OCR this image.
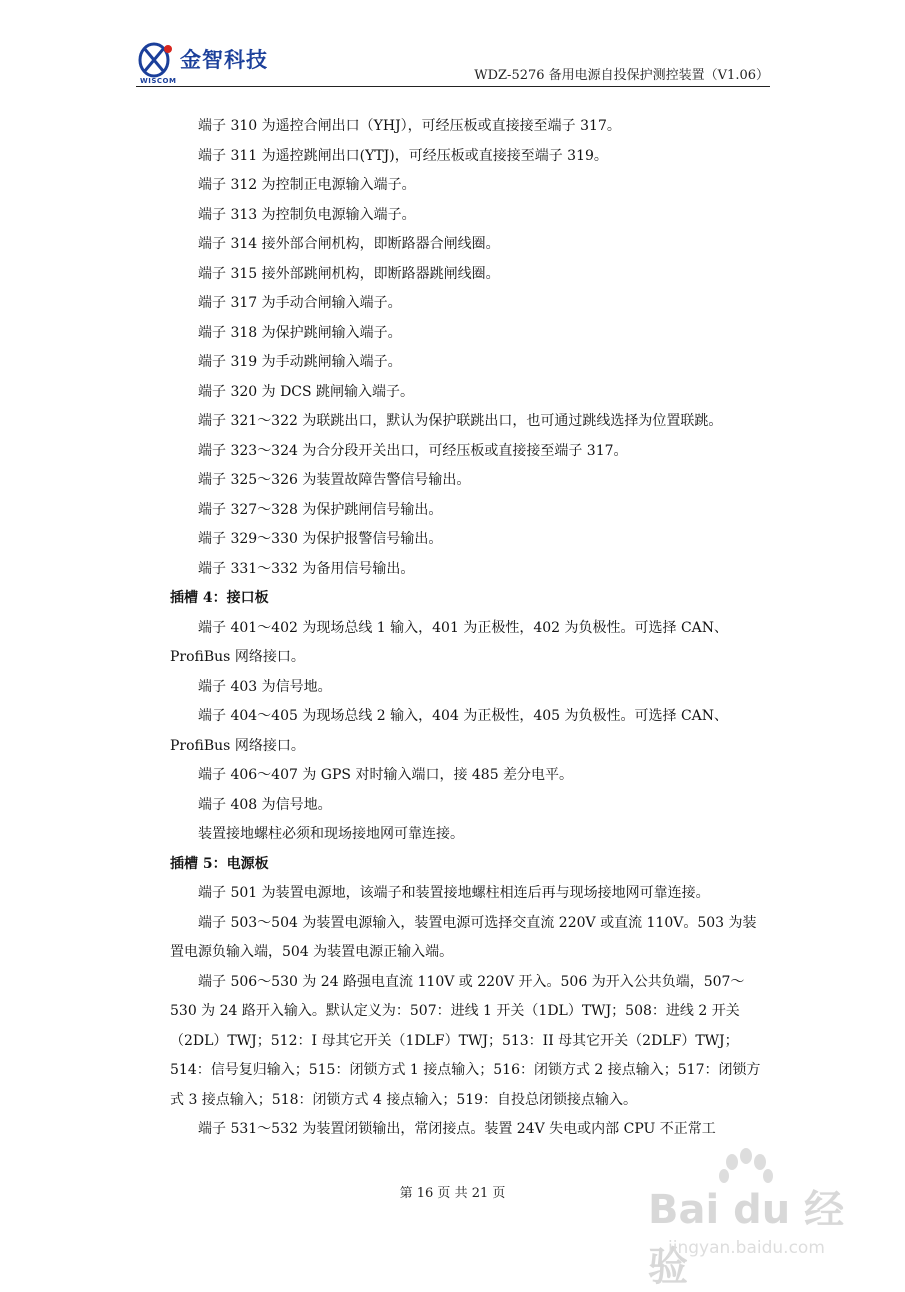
WISCOM
金智科技
WDZ-5276 备用电源自投保护测控装置（V1.06）

端子 310 为遥控合闸出口（YHJ），可经压板或直接接至端子 317。

端子 311 为遥控跳闸出口(YTJ)，可经压板或直接接至端子 319。

端子 312 为控制正电源输入端子。

端子 313 为控制负电源输入端子。

端子 314 接外部合闸机构，即断路器合闸线圈。

端子 315 接外部跳闸机构，即断路器跳闸线圈。

端子 317 为手动合闸输入端子。

端子 318 为保护跳闸输入端子。

端子 319 为手动跳闸输入端子。

端子 320 为 DCS 跳闸输入端子。

端子 321～322 为联跳出口，默认为保护联跳出口，也可通过跳线选择为位置联跳。

端子 323～324 为合分段开关出口，可经压板或直接接至端子 317。

端子 325～326 为装置故障告警信号输出。

端子 327～328 为保护跳闸信号输出。

端子 329～330 为保护报警信号输出。

端子 331～332 为备用信号输出。

插槽 4：接口板

端子 401～402 为现场总线 1 输入，401 为正极性，402 为负极性。可选择 CAN、ProfiBus 网络接口。

端子 403 为信号地。

端子 404～405 为现场总线 2 输入，404 为正极性，405 为负极性。可选择 CAN、ProfiBus 网络接口。

端子 406～407 为 GPS 对时输入端口，接 485 差分电平。

端子 408 为信号地。

装置接地螺柱必须和现场接地网可靠连接。

插槽 5：电源板

端子 501 为装置电源地，该端子和装置接地螺柱相连后再与现场接地网可靠连接。

端子 503～504 为装置电源输入，装置电源可选择交直流 220V 或直流 110V。503 为装置电源负输入端，504 为装置电源正输入端。

端子 506～530 为 24 路强电直流 110V 或 220V 开入。506 为开入公共负端，507～530 为 24 路开入输入。默认定义为：507：进线 1 开关（1DL）TWJ；508：进线 2 开关（2DL）TWJ；512：I 母其它开关（1DLF）TWJ；513：II 母其它开关（2DLF）TWJ；514：信号复归输入；515：闭锁方式 1 接点输入；516：闭锁方式 2 接点输入；517：闭锁方式 3 接点输入；518：闭锁方式 4 接点输入；519：自投总闭锁接点输入。

端子 531～532 为装置闭锁输出，常闭接点。装置 24V 失电或内部 CPU 不正常工

第 16 页 共 21 页	Bai du 经验
jingyan.baidu.com
